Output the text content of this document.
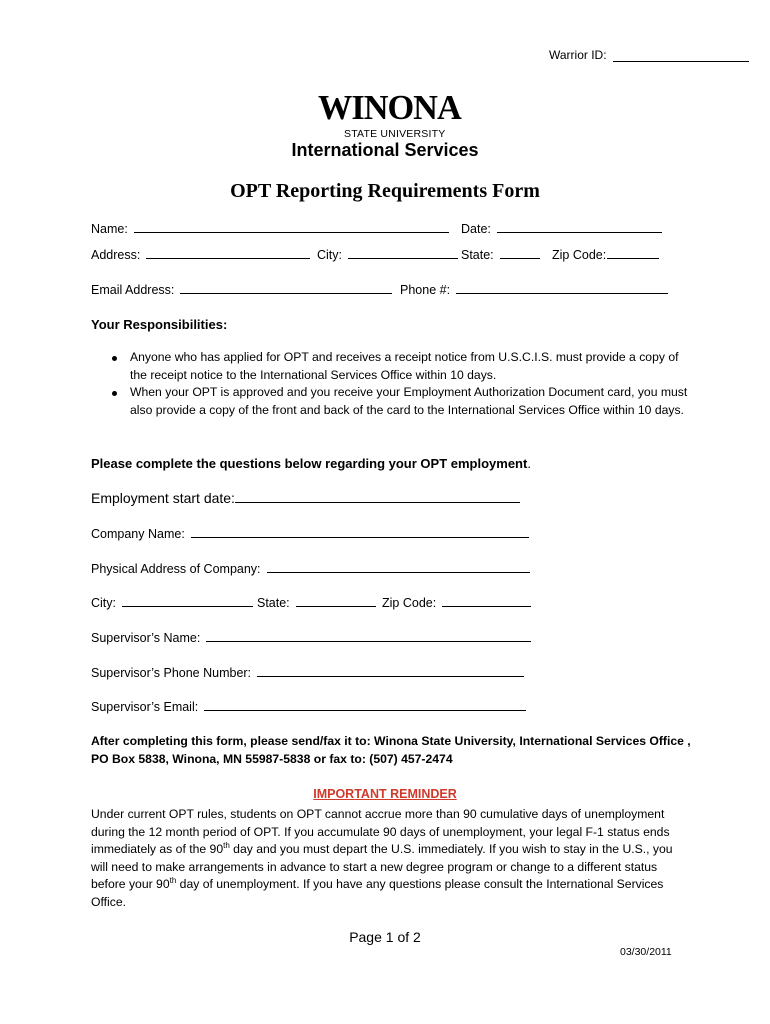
Warrior ID:
WINONA
STATE UNIVERSITY
International Services
OPT Reporting Requirements Form
Name:	Date:
Address:	City:	State:	Zip Code:
Email Address:	Phone #:
Your Responsibilities:
Anyone who has applied for OPT and receives a receipt notice from U.S.C.I.S. must provide a copy of the receipt notice to the International Services Office within 10 days.
When your OPT is approved and you receive your Employment Authorization Document card, you must also provide a copy of the front and back of the card to the International Services Office within 10 days.
Please complete the questions below regarding your OPT employment.
Employment start date:
Company Name:
Physical Address of Company:
City:	State:	Zip Code:
Supervisor’s Name:
Supervisor’s Phone Number:
Supervisor’s Email:
After completing this form, please send/fax it to: Winona State University, International Services Office , PO Box 5838, Winona, MN 55987-5838 or fax to: (507) 457-2474
IMPORTANT REMINDER
Under current OPT rules, students on OPT cannot accrue more than 90 cumulative days of unemployment during the 12 month period of OPT. If you accumulate 90 days of unemployment, your legal F-1 status ends immediately as of the 90th day and you must depart the U.S. immediately. If you wish to stay in the U.S., you will need to make arrangements in advance to start a new degree program or change to a different status before your 90th day of unemployment. If you have any questions please consult the International Services Office.
Page 1 of 2
03/30/2011
